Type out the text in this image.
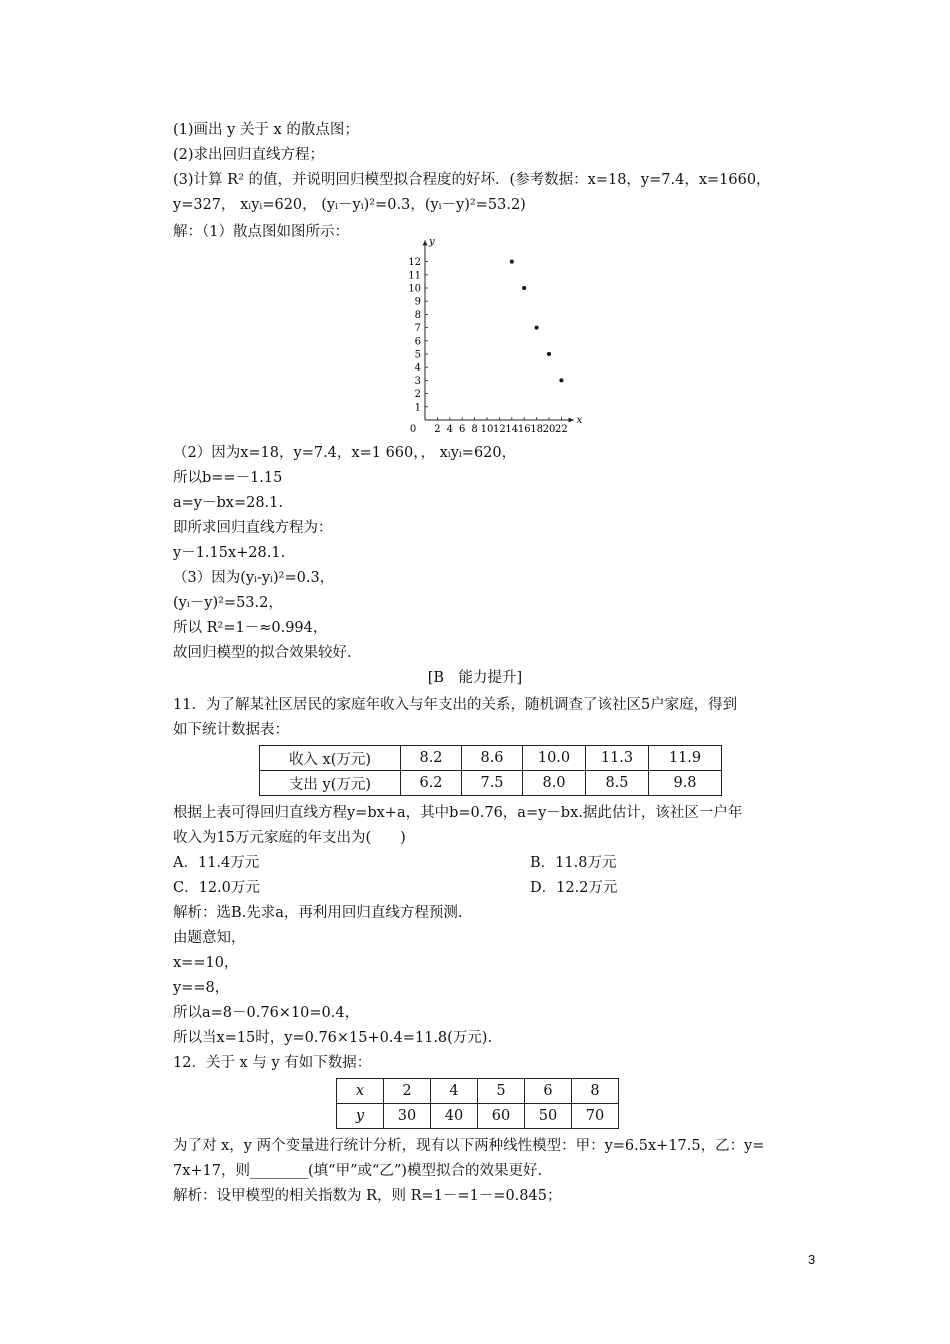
(1)画出 y 关于 x 的散点图；
(2)求出回归直线方程；
(3)计算 R² 的值，并说明回归模型拟合程度的好坏．(参考数据：x=18，y=7.4，x=1660，
y=327， xᵢyᵢ=620， (yᵢ－yᵢ)²=0.3，(yᵢ－y)²=53.2)
解：（1）散点图如图所示：
x
y
0 2 4 6 8 10 12 14 16 18 20 22
1
2
3
4
5
6
7
8
9
10
11
12
（2）因为x=18，y=7.4，x=1 660，， xᵢyᵢ=620，
所以b==－1.15
a=y－bx=28.1.
即所求回归直线方程为：
y－1.15x+28.1.
（3）因为(yᵢ-yᵢ)²=0.3，
(yᵢ－y)²=53.2，
所以 R²=1－≈0.994，
故回归模型的拟合效果较好.
[B　能力提升]
11．为了解某社区居民的家庭年收入与年支出的关系，随机调查了该社区5户家庭，得到
如下统计数据表：
收入 x(万元)	8.2	8.6	10.0	11.3	11.9
支出 y(万元)	6.2	7.5	8.0	8.5	9.8
根据上表可得回归直线方程y=bx+a，其中b=0.76，a=y－bx.据此估计，该社区一户年
收入为15万元家庭的年支出为(　　)
A．11.4万元	B．11.8万元
C．12.0万元	D．12.2万元
解析：选B.先求a，再利用回归直线方程预测.
由题意知，
x==10，
y==8，
所以a=8－0.76×10=0.4，
所以当x=15时，y=0.76×15+0.4=11.8(万元).
12．关于 x 与 y 有如下数据：
x	2	4	5	6	8
y	30	40	60	50	70
为了对 x，y 两个变量进行统计分析，现有以下两种线性模型：甲：y=6.5x+17.5，乙：y=
7x+17，则________(填“甲”或“乙”)模型拟合的效果更好.
解析：设甲模型的相关指数为 R，则 R=1－=1－=0.845；
3
